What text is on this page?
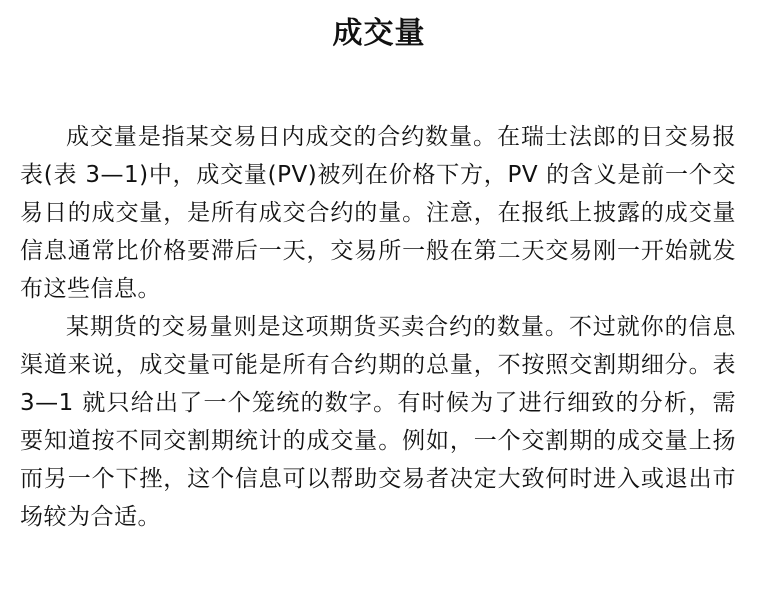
成交量

成交量是指某交易日内成交的合约数量。在瑞士法郎的日交易报表(表 3—1)中，成交量(PV)被列在价格下方，PV 的含义是前一个交易日的成交量，是所有成交合约的量。注意，在报纸上披露的成交量信息通常比价格要滞后一天，交易所一般在第二天交易刚一开始就发布这些信息。

某期货的交易量则是这项期货买卖合约的数量。不过就你的信息渠道来说，成交量可能是所有合约期的总量，不按照交割期细分。表 3—1 就只给出了一个笼统的数字。有时候为了进行细致的分析，需要知道按不同交割期统计的成交量。例如，一个交割期的成交量上扬而另一个下挫，这个信息可以帮助交易者决定大致何时进入或退出市场较为合适。
